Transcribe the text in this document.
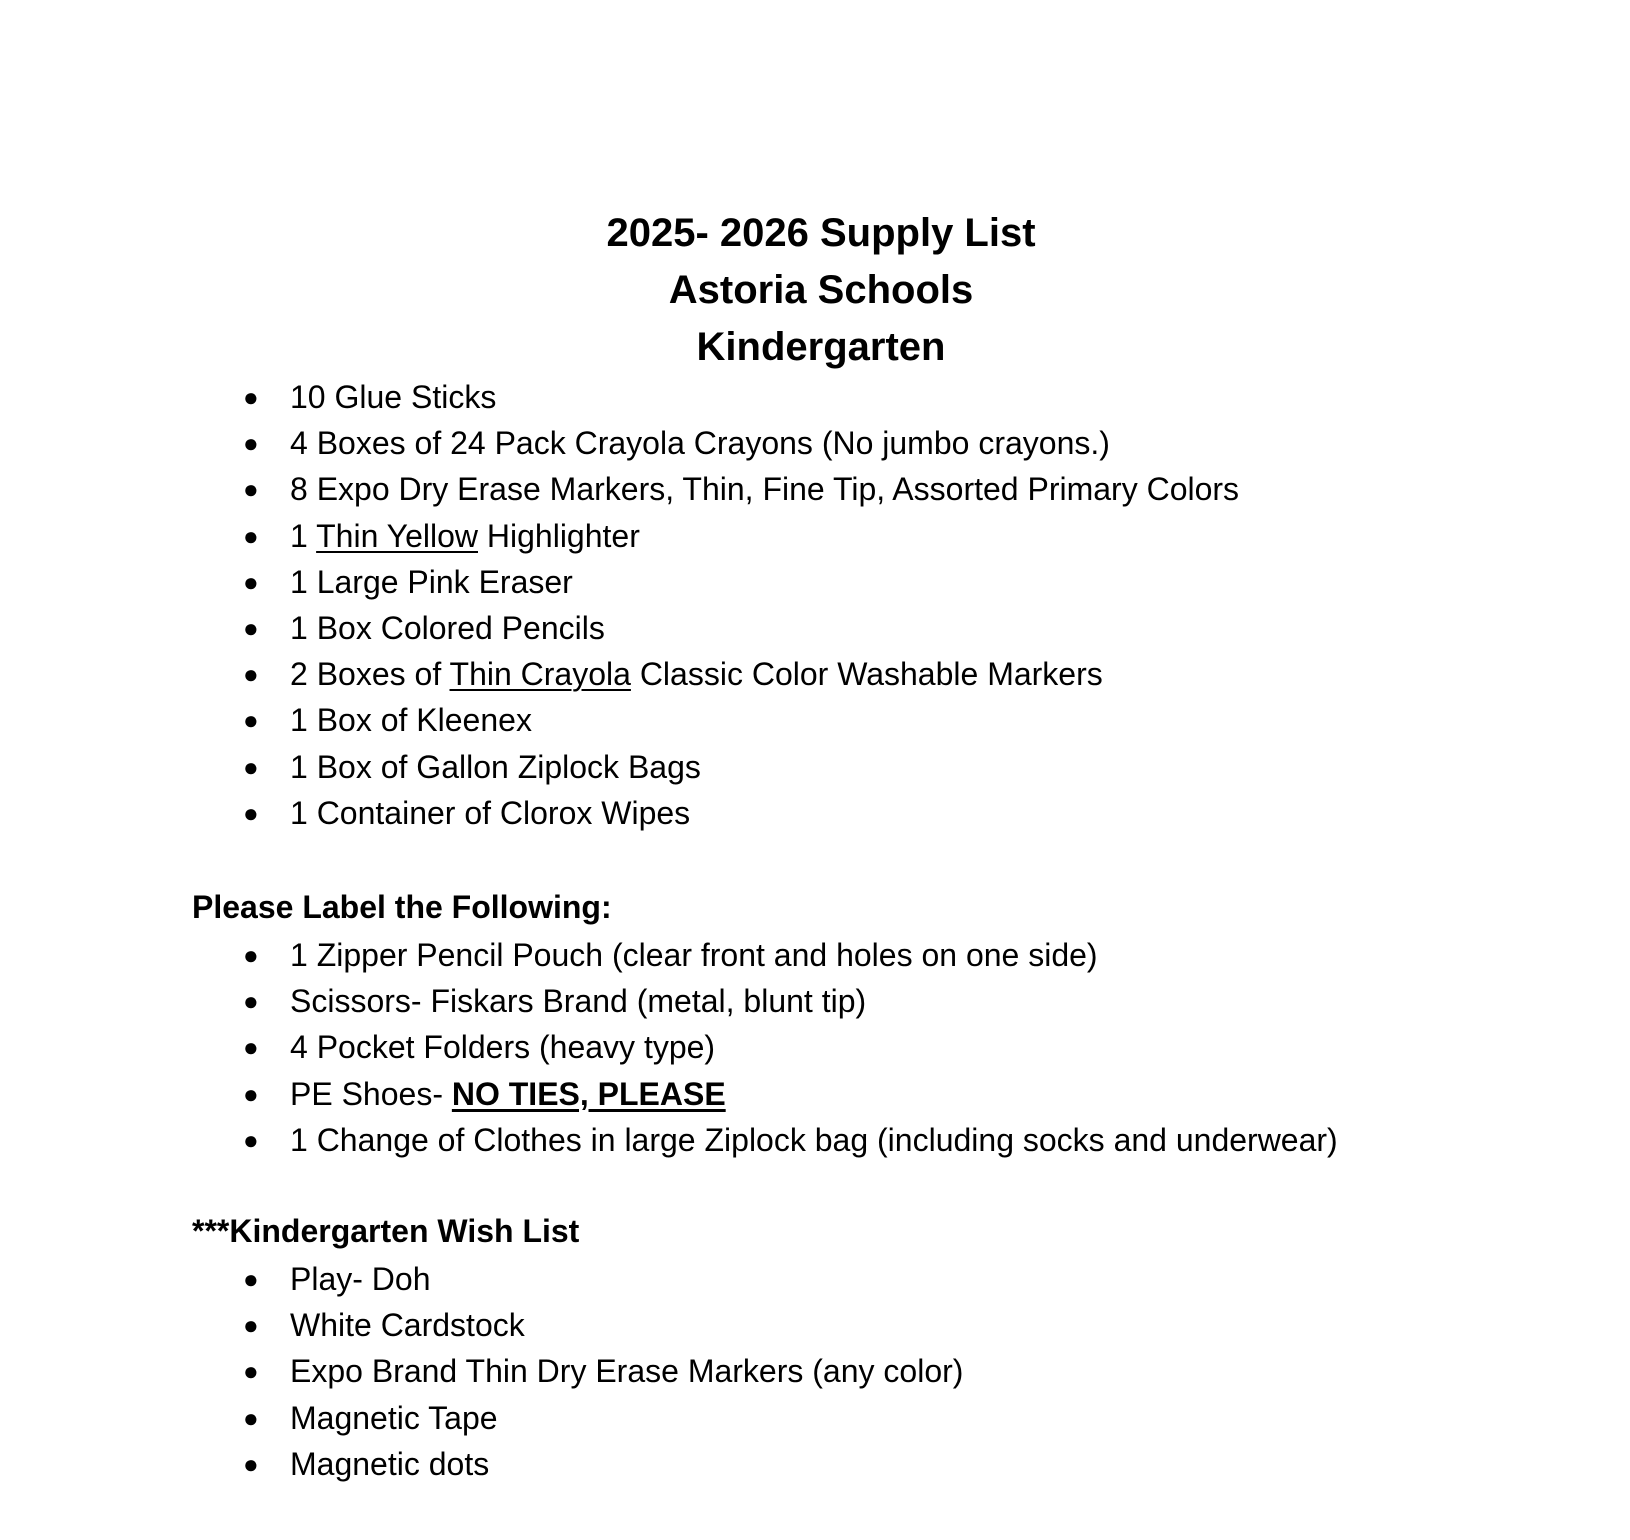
2025- 2026 Supply List

Astoria Schools

Kindergarten

● 10 Glue Sticks
● 4 Boxes of 24 Pack Crayola Crayons (No jumbo crayons.)
● 8 Expo Dry Erase Markers, Thin, Fine Tip, Assorted Primary Colors
● 1 Thin Yellow Highlighter
● 1 Large Pink Eraser
● 1 Box Colored Pencils
● 2 Boxes of Thin Crayola Classic Color Washable Markers
● 1 Box of Kleenex
● 1 Box of Gallon Ziplock Bags
● 1 Container of Clorox Wipes
Please Label the Following:
● 1 Zipper Pencil Pouch (clear front and holes on one side)
● Scissors- Fiskars Brand (metal, blunt tip)
● 4 Pocket Folders (heavy type)
● PE Shoes- NO TIES, PLEASE
● 1 Change of Clothes in large Ziplock bag (including socks and underwear)
***Kindergarten Wish List
● Play- Doh
● White Cardstock
● Expo Brand Thin Dry Erase Markers (any color)
● Magnetic Tape
● Magnetic dots
